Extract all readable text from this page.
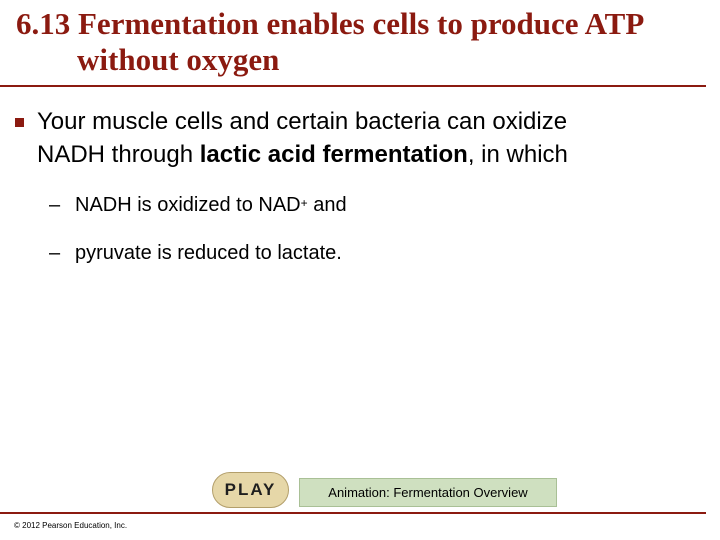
6.13 Fermentation enables cells to produce ATP
without oxygen
Your muscle cells and certain bacteria can oxidize
NADH through lactic acid fermentation, in which
– NADH is oxidized to NAD+ and
– pyruvate is reduced to lactate.
PLAY	Animation: Fermentation Overview
© 2012 Pearson Education, Inc.
